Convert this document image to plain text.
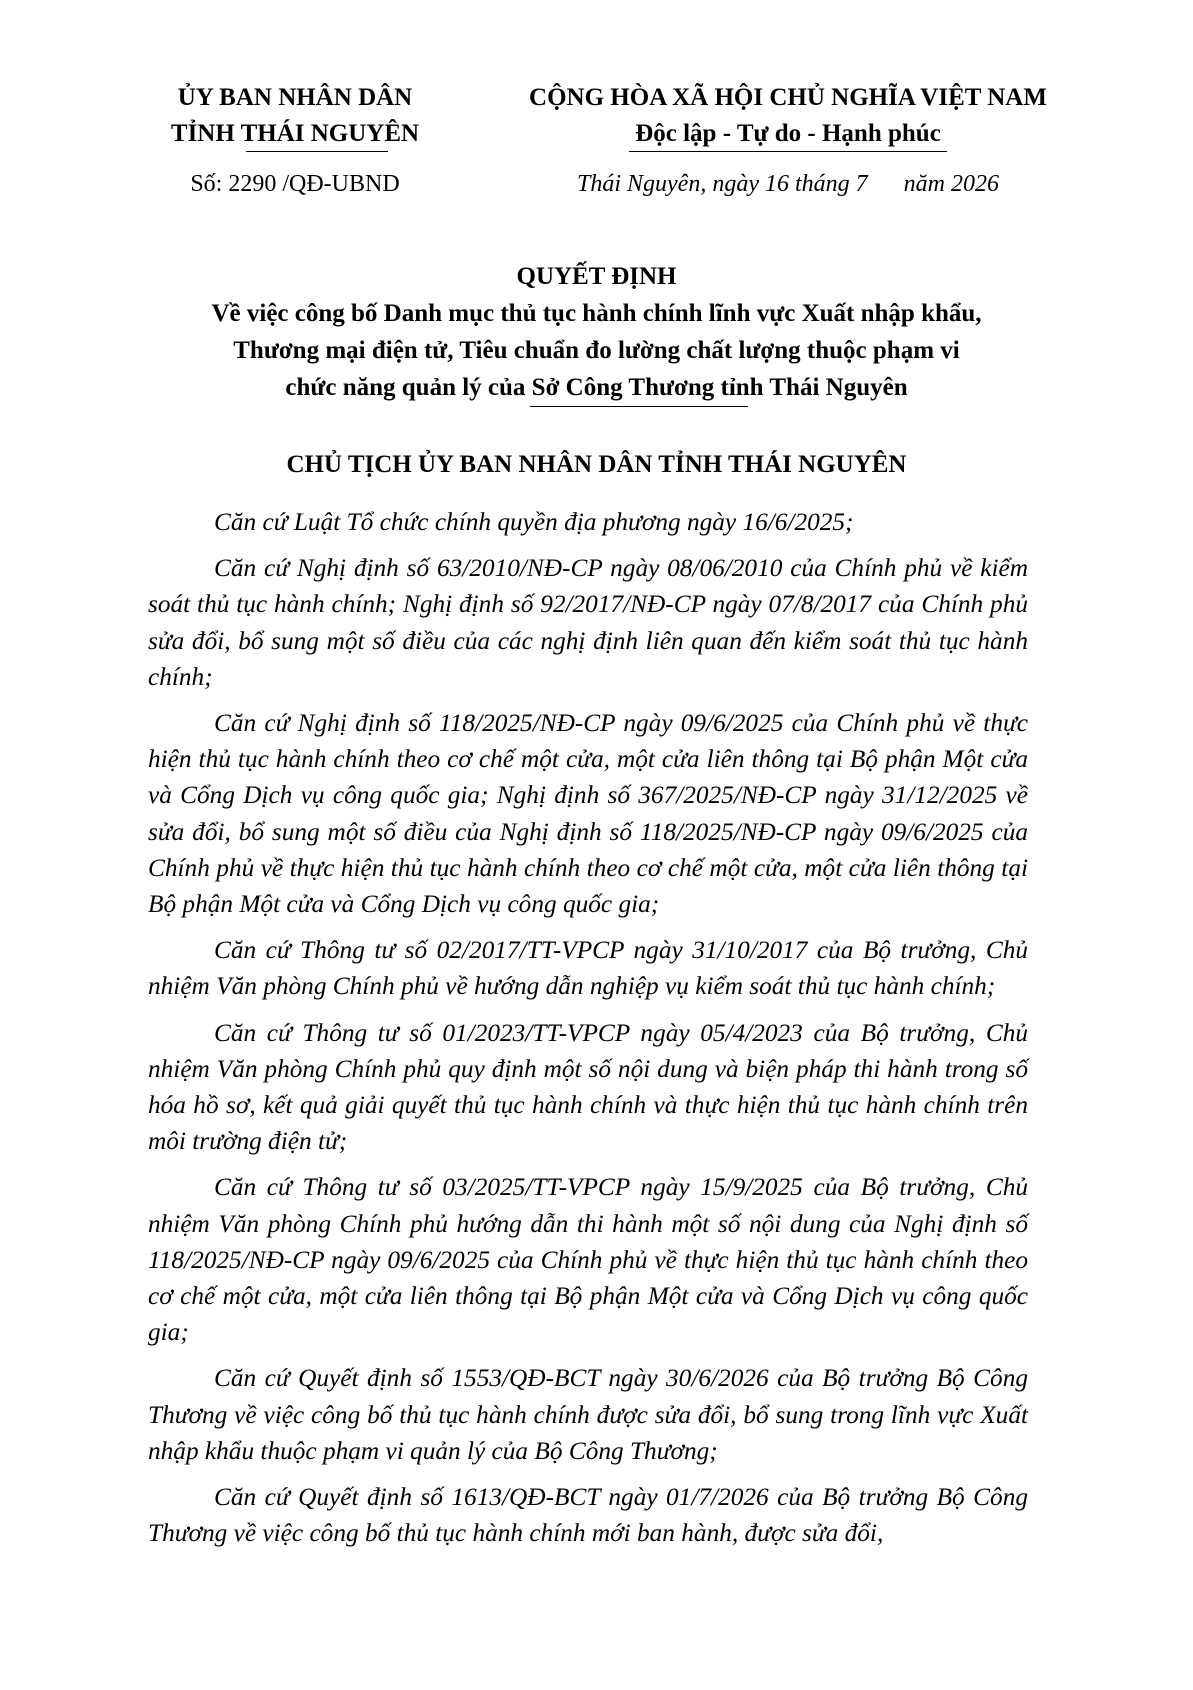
ỦY BAN NHÂN DÂN
TỈNH THÁI NGUYÊN
Số: 2290 /QĐ-UBND
CỘNG HÒA XÃ HỘI CHỦ NGHĨA VIỆT NAM
Độc lập - Tự do - Hạnh phúc
Thái Nguyên, ngày 16 tháng 7      năm 2026
QUYẾT ĐỊNH
Về việc công bố Danh mục thủ tục hành chính lĩnh vực Xuất nhập khẩu,
Thương mại điện tử, Tiêu chuẩn đo lường chất lượng thuộc phạm vi
chức năng quản lý của Sở Công Thương tỉnh Thái Nguyên
CHỦ TỊCH ỦY BAN NHÂN DÂN TỈNH THÁI NGUYÊN

Căn cứ Luật Tổ chức chính quyền địa phương ngày 16/6/2025;

Căn cứ Nghị định số 63/2010/NĐ-CP ngày 08/06/2010 của Chính phủ về kiểm soát thủ tục hành chính; Nghị định số 92/2017/NĐ-CP ngày 07/8/2017 của Chính phủ sửa đổi, bổ sung một số điều của các nghị định liên quan đến kiểm soát thủ tục hành chính;

Căn cứ Nghị định số 118/2025/NĐ-CP ngày 09/6/2025 của Chính phủ về thực hiện thủ tục hành chính theo cơ chế một cửa, một cửa liên thông tại Bộ phận Một cửa và Cổng Dịch vụ công quốc gia; Nghị định số 367/2025/NĐ-CP ngày 31/12/2025 về sửa đổi, bổ sung một số điều của Nghị định số 118/2025/NĐ-CP ngày 09/6/2025 của Chính phủ về thực hiện thủ tục hành chính theo cơ chế một cửa, một cửa liên thông tại Bộ phận Một cửa và Cổng Dịch vụ công quốc gia;

Căn cứ Thông tư số 02/2017/TT-VPCP ngày 31/10/2017 của Bộ trưởng, Chủ nhiệm Văn phòng Chính phủ về hướng dẫn nghiệp vụ kiểm soát thủ tục hành chính;

Căn cứ Thông tư số 01/2023/TT-VPCP ngày 05/4/2023 của Bộ trưởng, Chủ nhiệm Văn phòng Chính phủ quy định một số nội dung và biện pháp thi hành trong số hóa hồ sơ, kết quả giải quyết thủ tục hành chính và thực hiện thủ tục hành chính trên môi trường điện tử;

Căn cứ Thông tư số 03/2025/TT-VPCP ngày 15/9/2025 của Bộ trưởng, Chủ nhiệm Văn phòng Chính phủ hướng dẫn thi hành một số nội dung của Nghị định số 118/2025/NĐ-CP ngày 09/6/2025 của Chính phủ về thực hiện thủ tục hành chính theo cơ chế một cửa, một cửa liên thông tại Bộ phận Một cửa và Cổng Dịch vụ công quốc gia;

Căn cứ Quyết định số 1553/QĐ-BCT ngày 30/6/2026 của Bộ trưởng Bộ Công Thương về việc công bố thủ tục hành chính được sửa đổi, bổ sung trong lĩnh vực Xuất nhập khẩu thuộc phạm vi quản lý của Bộ Công Thương;

Căn cứ Quyết định số 1613/QĐ-BCT ngày 01/7/2026 của Bộ trưởng Bộ Công Thương về việc công bố thủ tục hành chính mới ban hành, được sửa đổi,
